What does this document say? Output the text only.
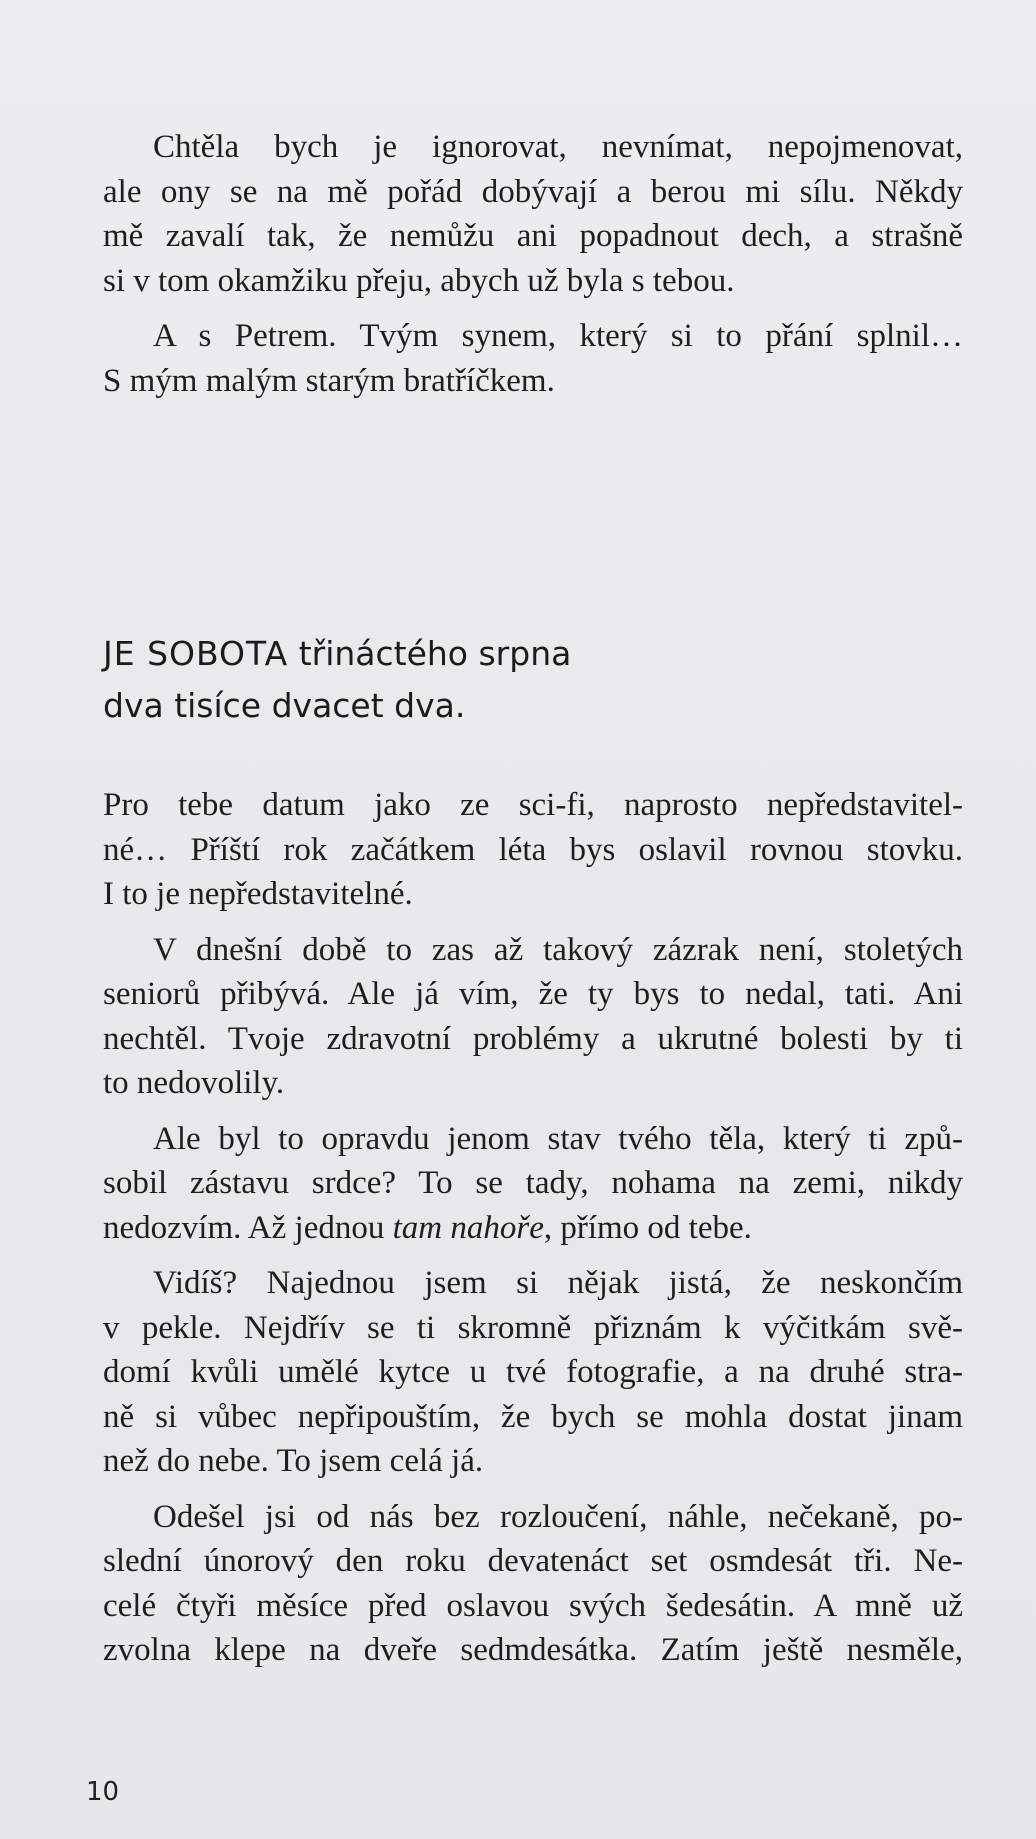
Chtěla bych je ignorovat, nevnímat, nepojmenovat,
ale ony se na mě pořád dobývají a berou mi sílu. Někdy
mě zavalí tak, že nemůžu ani popadnout dech, a strašně
si v tom okamžiku přeju, abych už byla s tebou.
A s Petrem. Tvým synem, který si to přání splnil…
S mým malým starým bratříčkem.
JE SOBOTA třináctého srpna
dva tisíce dvacet dva.
Pro tebe datum jako ze sci-fi, naprosto nepředstavitel-
né… Příští rok začátkem léta bys oslavil rovnou stovku.
I to je nepředstavitelné.
V dnešní době to zas až takový zázrak není, stoletých
seniorů přibývá. Ale já vím, že ty bys to nedal, tati. Ani
nechtěl. Tvoje zdravotní problémy a ukrutné bolesti by ti
to nedovolily.
Ale byl to opravdu jenom stav tvého těla, který ti způ-
sobil zástavu srdce? To se tady, nohama na zemi, nikdy
nedozvím. Až jednou tam nahoře, přímo od tebe.
Vidíš? Najednou jsem si nějak jistá, že neskončím
v pekle. Nejdřív se ti skromně přiznám k výčitkám svě-
domí kvůli umělé kytce u tvé fotografie, a na druhé stra-
ně si vůbec nepřipouštím, že bych se mohla dostat jinam
než do nebe. To jsem celá já.
Odešel jsi od nás bez rozloučení, náhle, nečekaně, po-
slední únorový den roku devatenáct set osmdesát tři. Ne-
celé čtyři měsíce před oslavou svých šedesátin. A mně už
zvolna klepe na dveře sedmdesátka. Zatím ještě nesměle,
10
